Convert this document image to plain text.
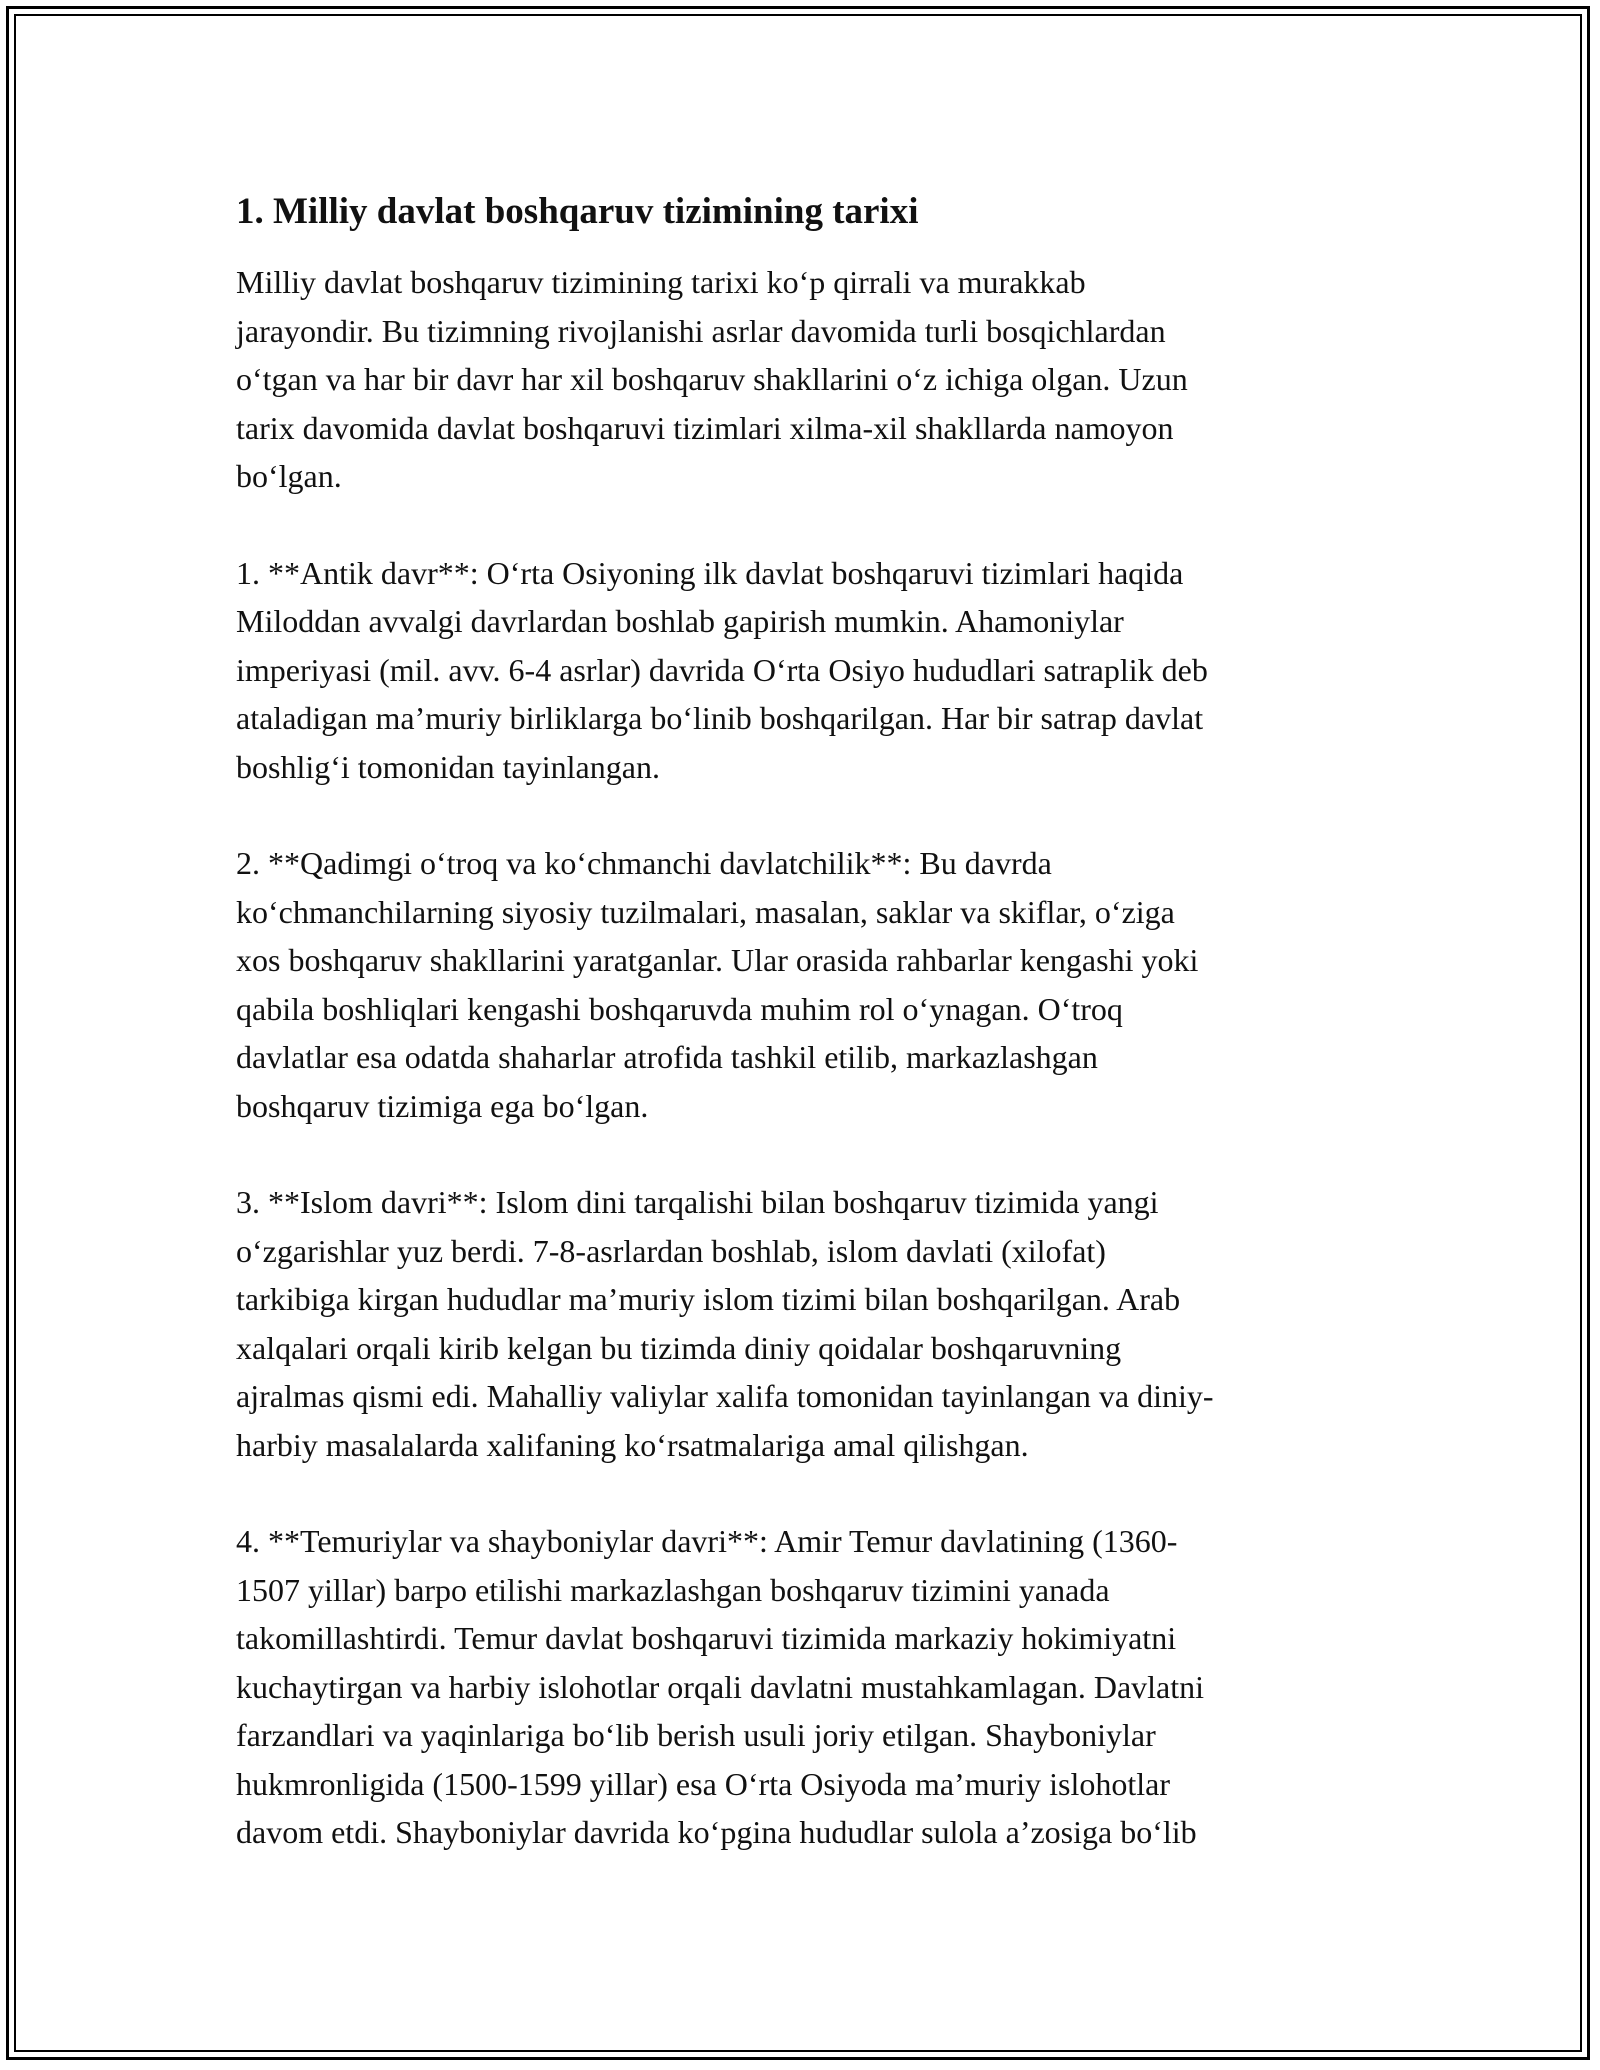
1. Milliy davlat boshqaruv tizimining tarixi

Milliy davlat boshqaruv tizimining tarixi ko‘p qirrali va murakkab
jarayondir. Bu tizimning rivojlanishi asrlar davomida turli bosqichlardan
o‘tgan va har bir davr har xil boshqaruv shakllarini o‘z ichiga olgan. Uzun
tarix davomida davlat boshqaruvi tizimlari xilma-xil shakllarda namoyon
bo‘lgan.

1. **Antik davr**: O‘rta Osiyoning ilk davlat boshqaruvi tizimlari haqida
Miloddan avvalgi davrlardan boshlab gapirish mumkin. Ahamoniylar
imperiyasi (mil. avv. 6-4 asrlar) davrida O‘rta Osiyo hududlari satraplik deb
ataladigan ma’muriy birliklarga bo‘linib boshqarilgan. Har bir satrap davlat
boshlig‘i tomonidan tayinlangan.

2. **Qadimgi o‘troq va ko‘chmanchi davlatchilik**: Bu davrda
ko‘chmanchilarning siyosiy tuzilmalari, masalan, saklar va skiflar, o‘ziga
xos boshqaruv shakllarini yaratganlar. Ular orasida rahbarlar kengashi yoki
qabila boshliqlari kengashi boshqaruvda muhim rol o‘ynagan. O‘troq
davlatlar esa odatda shaharlar atrofida tashkil etilib, markazlashgan
boshqaruv tizimiga ega bo‘lgan.

3. **Islom davri**: Islom dini tarqalishi bilan boshqaruv tizimida yangi
o‘zgarishlar yuz berdi. 7-8-asrlardan boshlab, islom davlati (xilofat)
tarkibiga kirgan hududlar ma’muriy islom tizimi bilan boshqarilgan. Arab
xalqalari orqali kirib kelgan bu tizimda diniy qoidalar boshqaruvning
ajralmas qismi edi. Mahalliy valiylar xalifa tomonidan tayinlangan va diniy-
harbiy masalalarda xalifaning ko‘rsatmalariga amal qilishgan.

4. **Temuriylar va shayboniylar davri**: Amir Temur davlatining (1360-
1507 yillar) barpo etilishi markazlashgan boshqaruv tizimini yanada
takomillashtirdi. Temur davlat boshqaruvi tizimida markaziy hokimiyatni
kuchaytirgan va harbiy islohotlar orqali davlatni mustahkamlagan. Davlatni
farzandlari va yaqinlariga bo‘lib berish usuli joriy etilgan. Shayboniylar
hukmronligida (1500-1599 yillar) esa O‘rta Osiyoda ma’muriy islohotlar
davom etdi. Shayboniylar davrida ko‘pgina hududlar sulola a’zosiga bo‘lib
